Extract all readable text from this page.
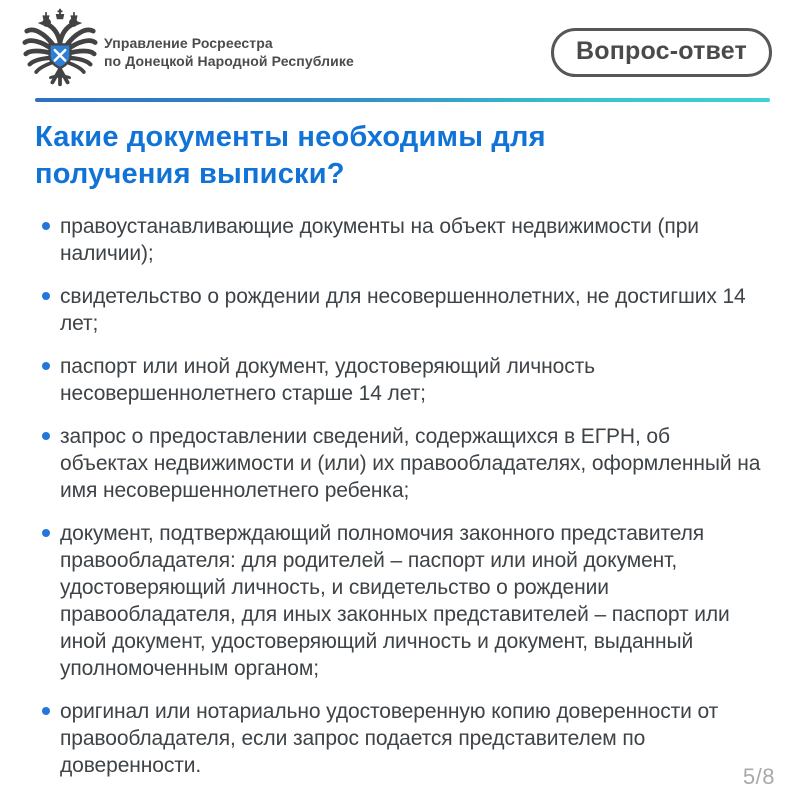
Управление Росреестра
по Донецкой Народной Республике	Вопрос-ответ
Какие документы необходимы для получения выписки?
правоустанавливающие документы на объект недвижимости (при наличии);
свидетельство о рождении для несовершеннолетних, не достигших 14 лет;
паспорт или иной документ, удостоверяющий личность несовершеннолетнего старше 14 лет;
запрос о предоставлении сведений, содержащихся в ЕГРН, об объектах недвижимости и (или) их правообладателях, оформленный на имя несовершеннолетнего ребенка;
документ, подтверждающий полномочия законного представителя правообладателя: для родителей – паспорт или иной документ, удостоверяющий личность, и свидетельство о рождении правообладателя, для иных законных представителей – паспорт или иной документ, удостоверяющий личность и документ, выданный уполномоченным органом;
оригинал или нотариально удостоверенную копию доверенности от правообладателя, если запрос подается представителем по доверенности.	5/8
